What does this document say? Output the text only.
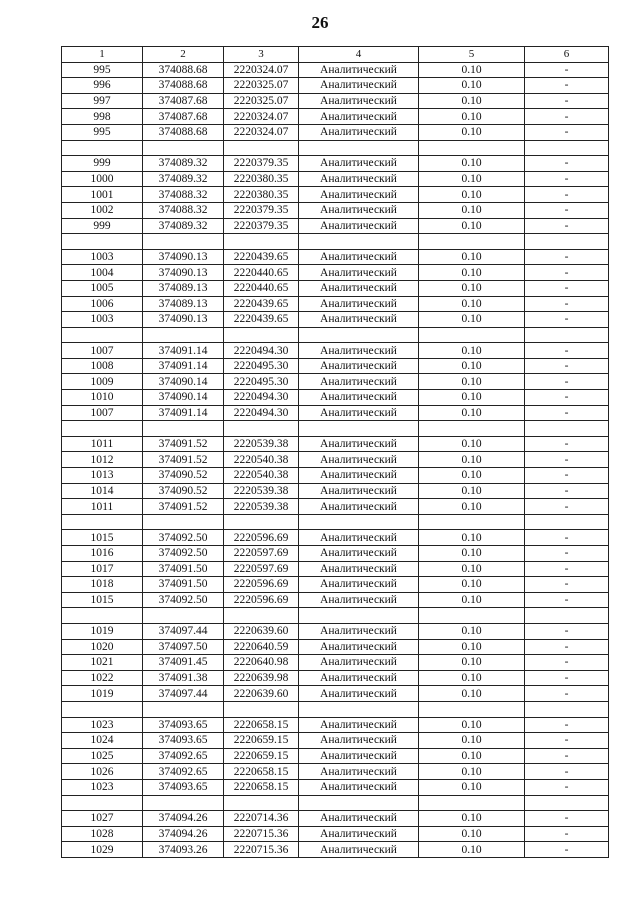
26
1	2	3	4	5	6
995	374088.68	2220324.07	Аналитический	0.10	-
996	374088.68	2220325.07	Аналитический	0.10	-
997	374087.68	2220325.07	Аналитический	0.10	-
998	374087.68	2220324.07	Аналитический	0.10	-
995	374088.68	2220324.07	Аналитический	0.10	-

999	374089.32	2220379.35	Аналитический	0.10	-
1000	374089.32	2220380.35	Аналитический	0.10	-
1001	374088.32	2220380.35	Аналитический	0.10	-
1002	374088.32	2220379.35	Аналитический	0.10	-
999	374089.32	2220379.35	Аналитический	0.10	-

1003	374090.13	2220439.65	Аналитический	0.10	-
1004	374090.13	2220440.65	Аналитический	0.10	-
1005	374089.13	2220440.65	Аналитический	0.10	-
1006	374089.13	2220439.65	Аналитический	0.10	-
1003	374090.13	2220439.65	Аналитический	0.10	-

1007	374091.14	2220494.30	Аналитический	0.10	-
1008	374091.14	2220495.30	Аналитический	0.10	-
1009	374090.14	2220495.30	Аналитический	0.10	-
1010	374090.14	2220494.30	Аналитический	0.10	-
1007	374091.14	2220494.30	Аналитический	0.10	-

1011	374091.52	2220539.38	Аналитический	0.10	-
1012	374091.52	2220540.38	Аналитический	0.10	-
1013	374090.52	2220540.38	Аналитический	0.10	-
1014	374090.52	2220539.38	Аналитический	0.10	-
1011	374091.52	2220539.38	Аналитический	0.10	-

1015	374092.50	2220596.69	Аналитический	0.10	-
1016	374092.50	2220597.69	Аналитический	0.10	-
1017	374091.50	2220597.69	Аналитический	0.10	-
1018	374091.50	2220596.69	Аналитический	0.10	-
1015	374092.50	2220596.69	Аналитический	0.10	-

1019	374097.44	2220639.60	Аналитический	0.10	-
1020	374097.50	2220640.59	Аналитический	0.10	-
1021	374091.45	2220640.98	Аналитический	0.10	-
1022	374091.38	2220639.98	Аналитический	0.10	-
1019	374097.44	2220639.60	Аналитический	0.10	-

1023	374093.65	2220658.15	Аналитический	0.10	-
1024	374093.65	2220659.15	Аналитический	0.10	-
1025	374092.65	2220659.15	Аналитический	0.10	-
1026	374092.65	2220658.15	Аналитический	0.10	-
1023	374093.65	2220658.15	Аналитический	0.10	-

1027	374094.26	2220714.36	Аналитический	0.10	-
1028	374094.26	2220715.36	Аналитический	0.10	-
1029	374093.26	2220715.36	Аналитический	0.10	-
